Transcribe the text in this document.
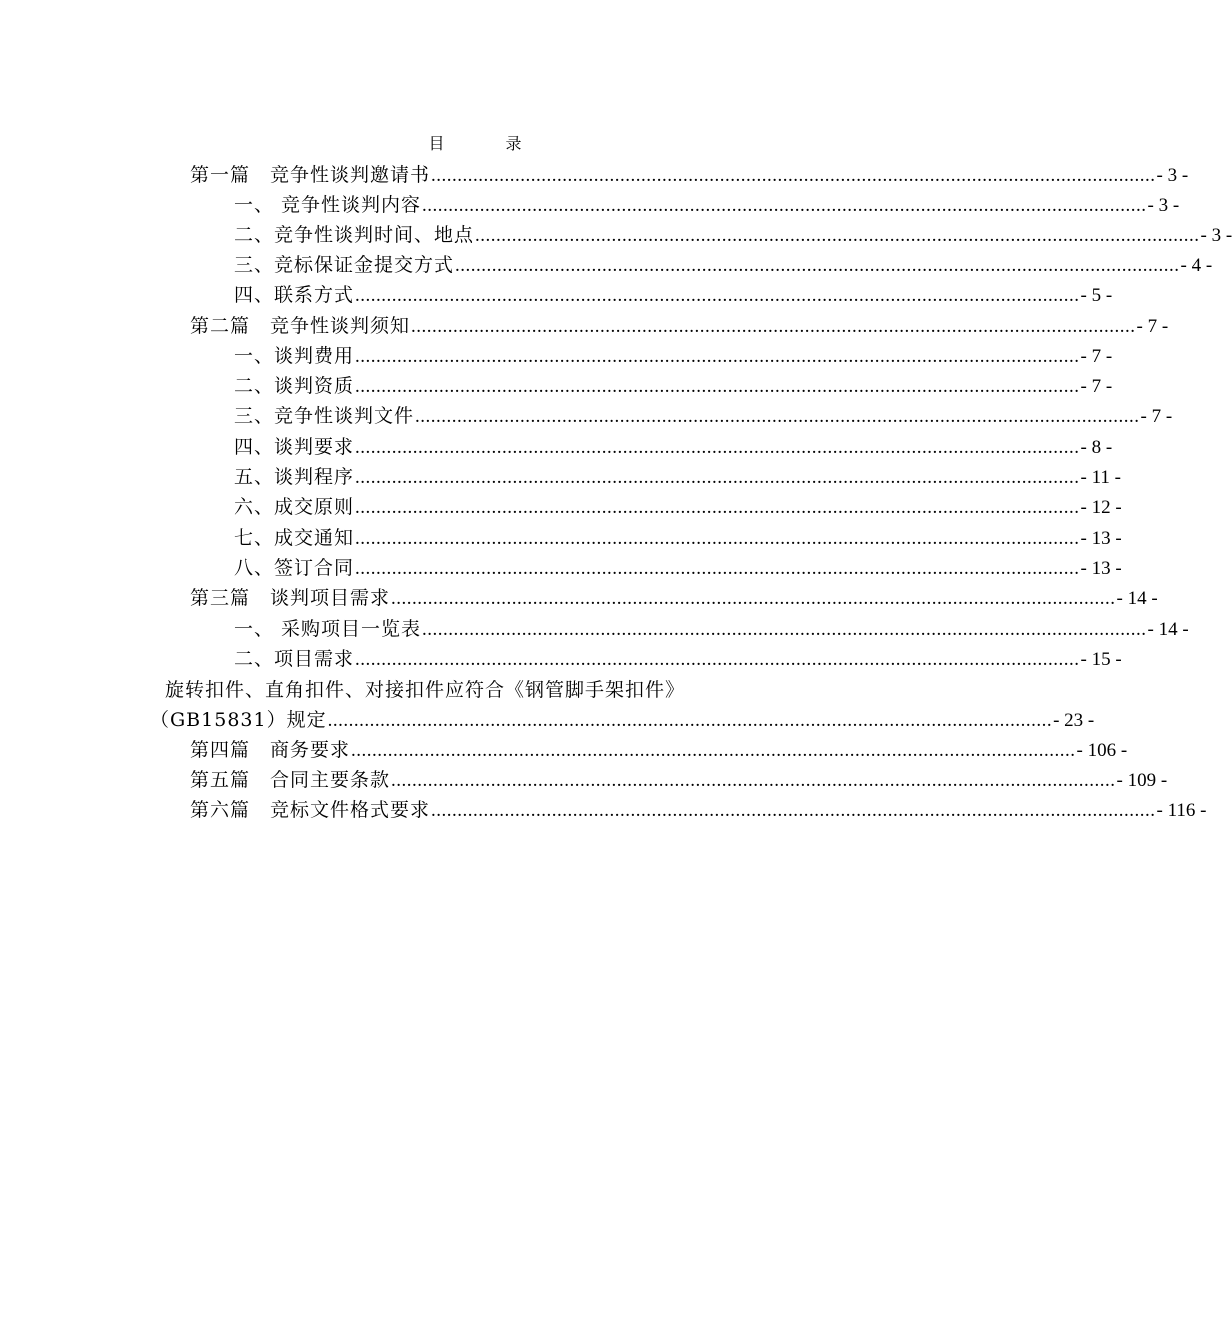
目 录
第一篇　竞争性谈判邀请书 .......................................................................................................................................... - 3 -
一、 竞争性谈判内容 .......................................................................................................................................... - 3 -
二、竞争性谈判时间、地点 .......................................................................................................................................... - 3 -
三、竞标保证金提交方式 .......................................................................................................................................... - 4 -
四、联系方式 .......................................................................................................................................... - 5 -
第二篇　竞争性谈判须知 .......................................................................................................................................... - 7 -
一、谈判费用 .......................................................................................................................................... - 7 -
二、谈判资质 .......................................................................................................................................... - 7 -
三、竞争性谈判文件 .......................................................................................................................................... - 7 -
四、谈判要求 .......................................................................................................................................... - 8 -
五、谈判程序 .......................................................................................................................................... - 11 -
六、成交原则 .......................................................................................................................................... - 12 -
七、成交通知 .......................................................................................................................................... - 13 -
八、签订合同 .......................................................................................................................................... - 13 -
第三篇　谈判项目需求 .......................................................................................................................................... - 14 -
一、 采购项目一览表 .......................................................................................................................................... - 14 -
二、项目需求 .......................................................................................................................................... - 15 -
旋转扣件、直角扣件、对接扣件应符合《钢管脚手架扣件》
（GB15831）规定 .......................................................................................................................................... - 23 -
第四篇　商务要求 .......................................................................................................................................... - 106 -
第五篇　合同主要条款 .......................................................................................................................................... - 109 -
第六篇　竞标文件格式要求 .......................................................................................................................................... - 116 -
